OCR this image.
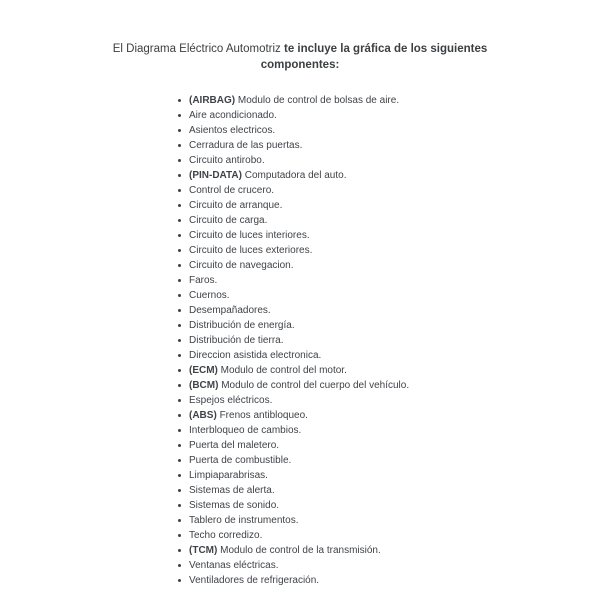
El Diagrama Eléctrico Automotriz te incluye la gráfica de los siguientes
componentes:
(AIRBAG) Modulo de control de bolsas de aire.
Aire acondicionado.
Asientos electricos.
Cerradura de las puertas.
Circuito antirobo.
(PIN-DATA) Computadora del auto.
Control de crucero.
Circuito de arranque.
Circuito de carga.
Circuito de luces interiores.
Circuito de luces exteriores.
Circuito de navegacion.
Faros.
Cuernos.
Desempañadores.
Distribución de energía.
Distribución de tierra.
Direccion asistida electronica.
(ECM) Modulo de control del motor.
(BCM) Modulo de control del cuerpo del vehículo.
Espejos eléctricos.
(ABS) Frenos antibloqueo.
Interbloqueo de cambios.
Puerta del maletero.
Puerta de combustible.
Limpiaparabrisas.
Sistemas de alerta.
Sistemas de sonido.
Tablero de instrumentos.
Techo corredizo.
(TCM) Modulo de control de la transmisión.
Ventanas eléctricas.
Ventiladores de refrigeración.
